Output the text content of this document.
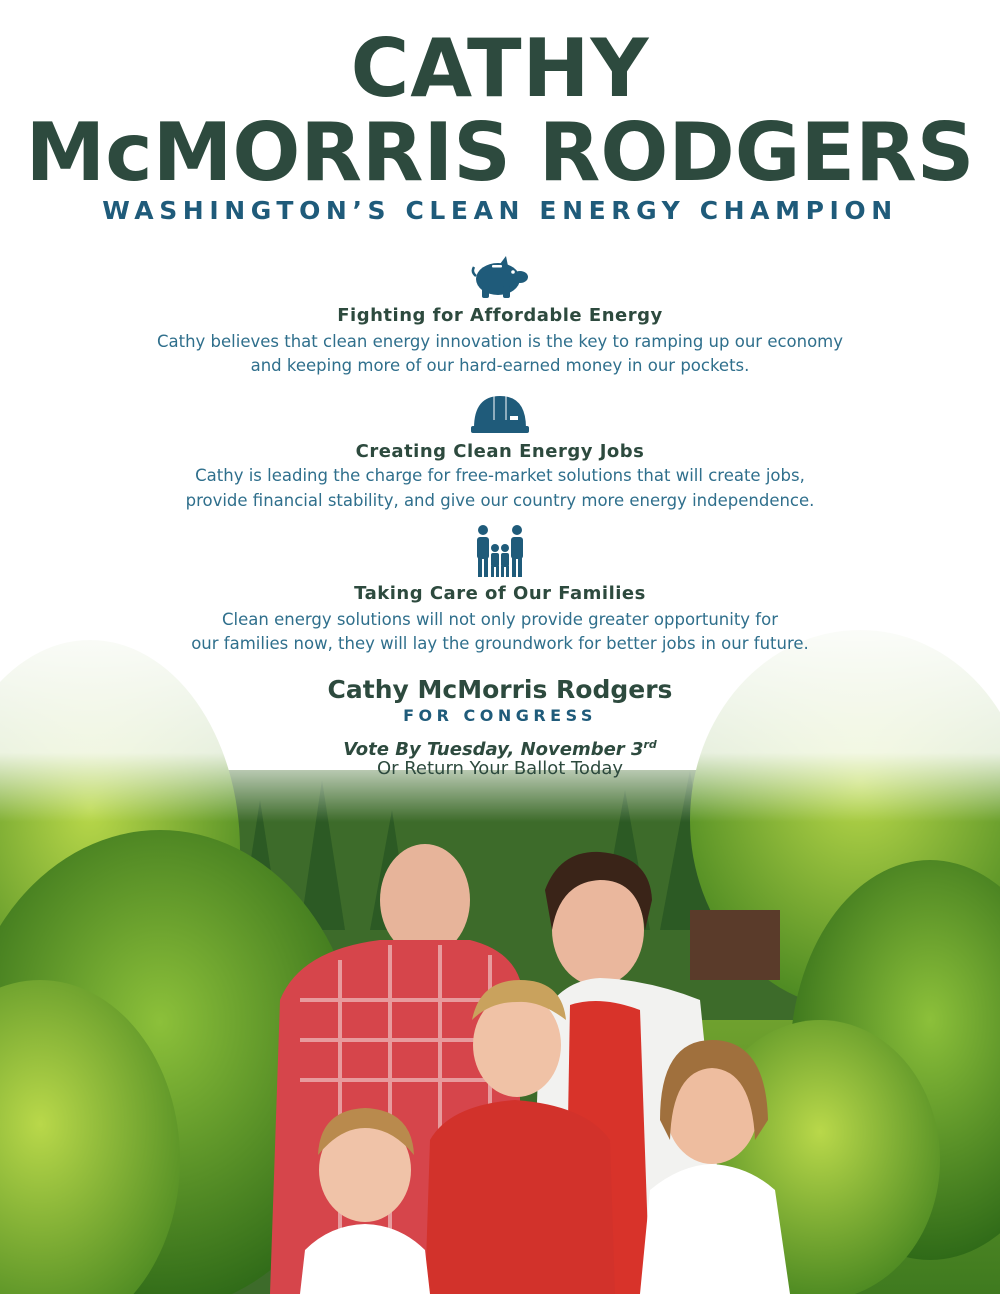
CATHY
McMORRIS RODGERS
WASHINGTON’S CLEAN ENERGY CHAMPION
Fighting for Affordable Energy
Cathy believes that clean energy innovation is the key to ramping up our economy
and keeping more of our hard-earned money in our pockets.
Creating Clean Energy Jobs
Cathy is leading the charge for free-market solutions that will create jobs,
provide financial stability, and give our country more energy independence.
Taking Care of Our Families
Clean energy solutions will not only provide greater opportunity for
our families now, they will lay the groundwork for better jobs in our future.
Cathy McMorris Rodgers
FOR CONGRESS
Vote By Tuesday, November 3rd
Or Return Your Ballot Today
